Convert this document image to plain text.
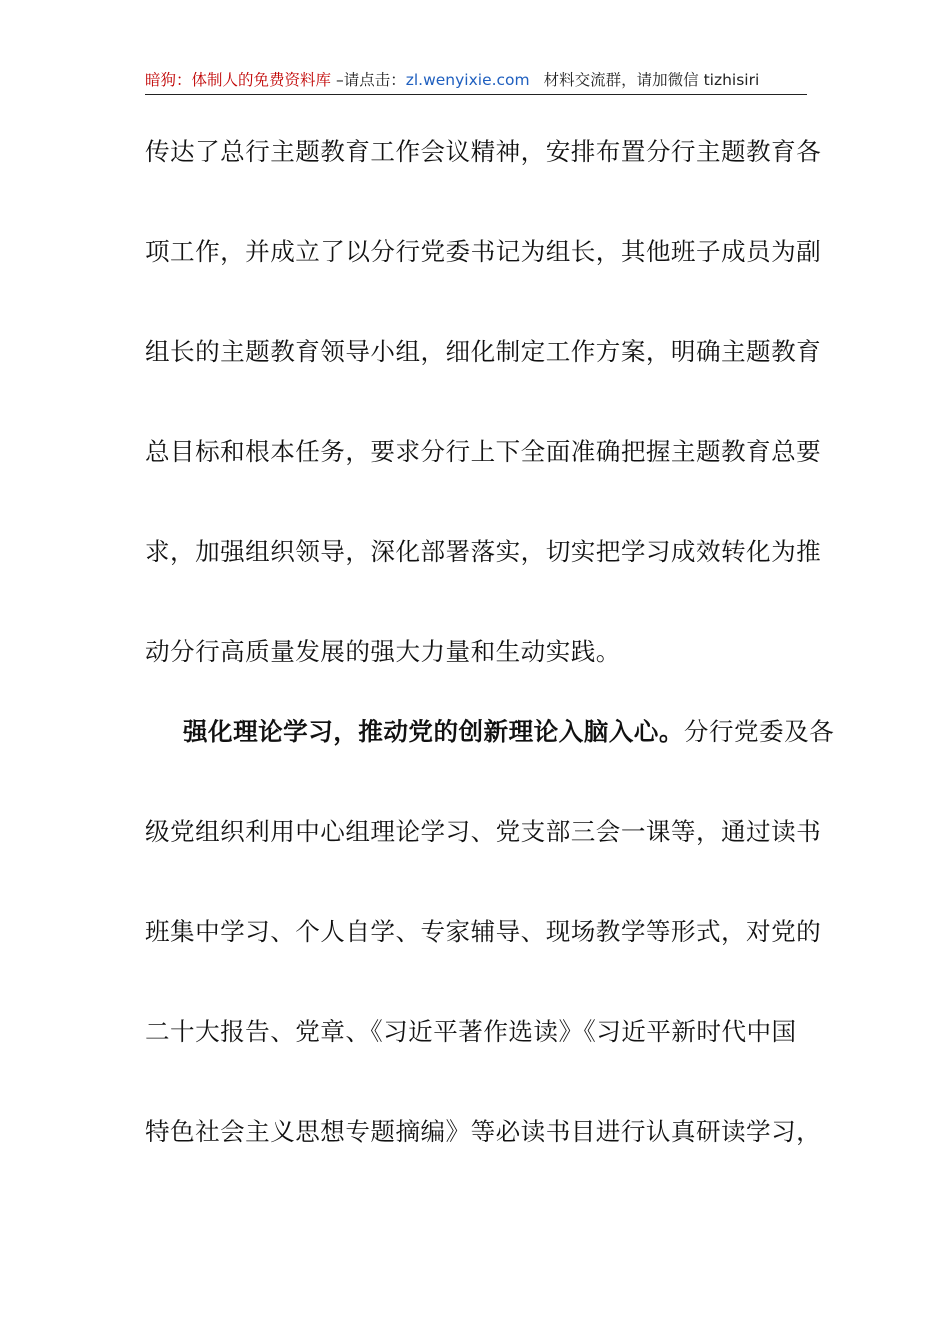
暗狗：体制人的免费资料库 –请点击：zl.wenyixie.com 材料交流群，请加微信 tizhisiri
传达了总行主题教育工作会议精神，安排布置分行主题教育各
项工作，并成立了以分行党委书记为组长，其他班子成员为副
组长的主题教育领导小组，细化制定工作方案，明确主题教育
总目标和根本任务，要求分行上下全面准确把握主题教育总要
求，加强组织领导，深化部署落实，切实把学习成效转化为推
动分行高质量发展的强大力量和生动实践。
强化理论学习，推动党的创新理论入脑入心。分行党委及各
级党组织利用中心组理论学习、党支部三会一课等，通过读书
班集中学习、个人自学、专家辅导、现场教学等形式，对党的
二十大报告、党章、《习近平著作选读》《习近平新时代中国
特色社会主义思想专题摘编》等必读书目进行认真研读学习，
